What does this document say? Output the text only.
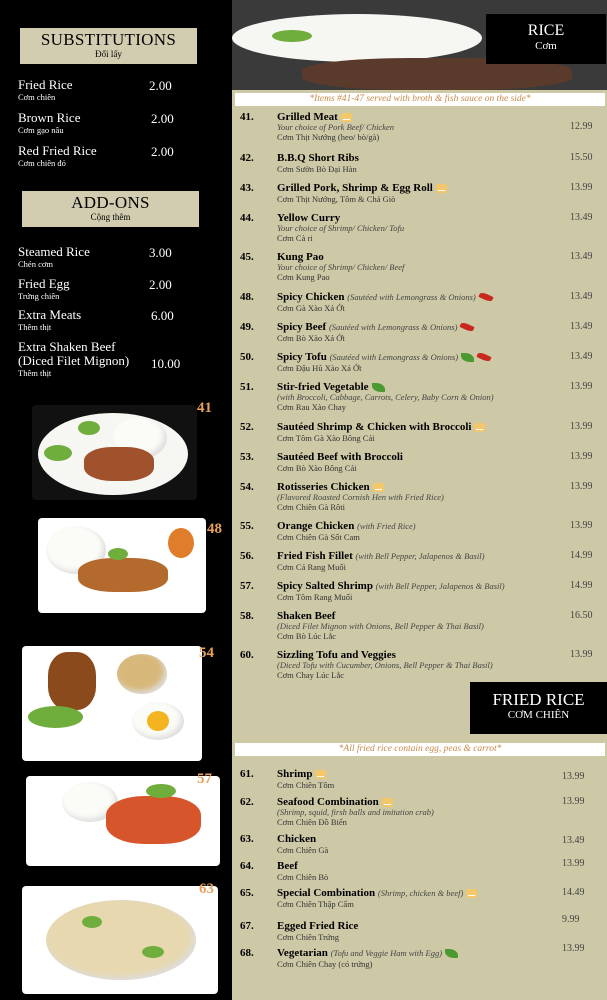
SUBSTITUTIONS
Đổi lấy
Fried Rice
Cơm chiên
2.00
Brown Rice
Cơm gạo nâu
2.00
Red Fried Rice
Cơm chiên đỏ
2.00
ADD-ONS
Cộng thêm
Steamed Rice
Chén cơm
3.00
Fried Egg
Trứng chiên
2.00
Extra Meats
Thêm thịt
6.00
Extra Shaken Beef
(Diced Filet Mignon)
Thêm thịt
10.00
41
48
54
57
63
RICE
Cơm
*Items #41-47 served with broth & fish sauce on the side*
41. Grilled Meat
Your choice of Pork Beef/ Chicken
Cơm Thịt Nướng (heo/ bò/gà)
12.99
42. B.B.Q Short Ribs
Cơm Sườn Bò Đại Hàn
15.50
43. Grilled Pork, Shrimp & Egg Roll
Cơm Thịt Nướng, Tôm & Chả Giò
13.99
44. Yellow Curry
Your choice of Shrimp/ Chicken/ Tofu
Cơm Cà ri
13.49
45. Kung Pao
Your choice of Shrimp/ Chicken/ Beef
Cơm Kung Pao
13.49
48. Spicy Chicken (Sautéed with Lemongrass & Onions)
Cơm Gà Xào Xả Ớt
13.49
49. Spicy Beef (Sautéed with Lemongrass & Onions)
Cơm Bò Xào Xả Ớt
13.49
50. Spicy Tofu (Sautéed with Lemongrass & Onions)
Cơm Đậu Hũ Xào Xả Ớt
13.49
51. Stir-fried Vegetable
(with Broccoli, Cabbage, Carrots, Celery, Baby Corn & Onion)
Cơm Rau Xào Chay
13.99
52. Sautéed Shrimp & Chicken with Broccoli
Cơm Tôm Gà Xào Bông Cải
13.99
53. Sautéed Beef with Broccoli
Cơm Bò Xào Bông Cải
13.99
54. Rotisseries Chicken
(Flavored Roasted Cornish Hen with Fried Rice)
Cơm Chiên Gà Rôti
13.99
55. Orange Chicken (with Fried Rice)
Cơm Chiên Gà Sốt Cam
13.99
56. Fried Fish Fillet (with Bell Pepper, Jalapenos & Basil)
Cơm Cá Rang Muối
14.99
57. Spicy Salted Shrimp (with Bell Pepper, Jalapenos & Basil)
Cơm Tôm Rang Muối
14.99
58. Shaken Beef
(Diced Filet Mignon with Onions, Bell Pepper & Thai Basil)
Cơm Bò Lúc Lắc
16.50
60. Sizzling Tofu and Veggies
(Diced Tofu with Cucumber, Onions, Bell Pepper & Thai Basil)
Cơm Chay Lúc Lắc
13.99
FRIED RICE
CƠM CHIÊN
*All fried rice contain egg, peas & carrot*
61. Shrimp
Cơm Chiên Tôm
13.99
62. Seafood Combination
(Shrimp, squid, firsh balls and imitation crab)
Cơm Chiên Đồ Biển
13.99
63. Chicken
Cơm Chiên Gà
13.49
64. Beef
Cơm Chiên Bò
13.99
65. Special Combination (Shrimp, chicken & beef)
Cơm Chiên Thập Cẩm
14.49
67. Egged Fried Rice
Cơm Chiên Trứng
9.99
68. Vegetarian (Tofu and Veggie Ham with Egg)
Cơm Chiên Chay (có trứng)
13.99
